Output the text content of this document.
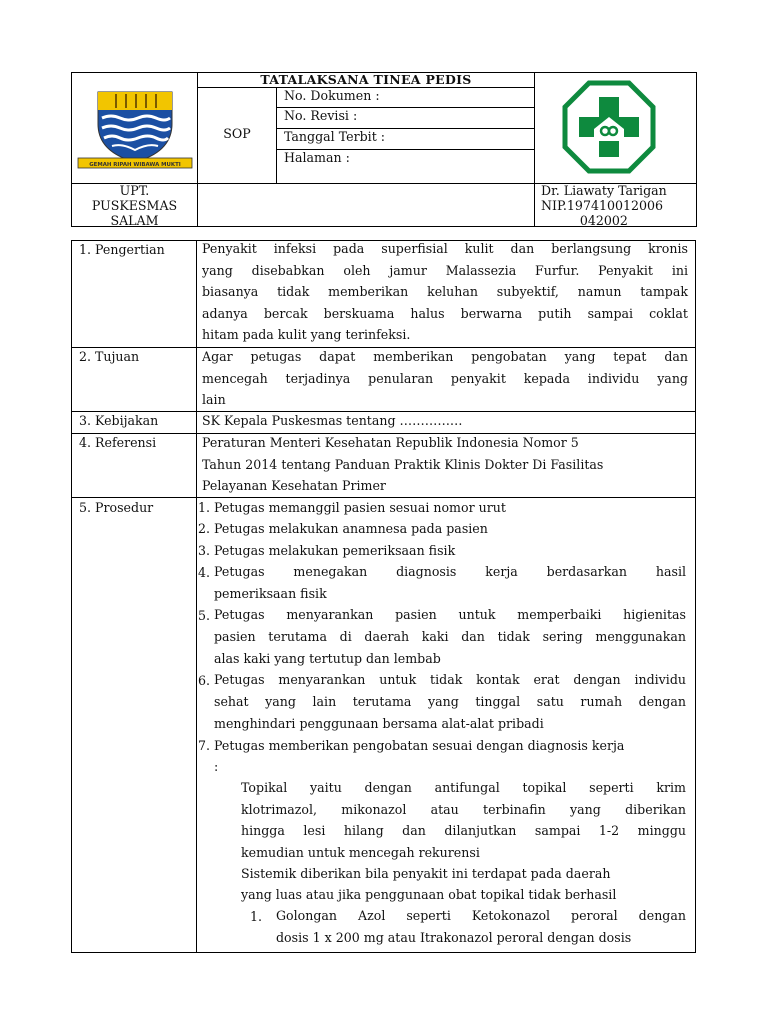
TATALAKSANA TINEA PEDIS
SOP
No. Dokumen :
No. Revisi :
Tanggal Terbit :
Halaman :
UPT.
PUSKESMAS
SALAM
Dr. Liawaty Tarigan
NIP.197410012006
042002
GEMAH RIPAH WIBAWA MUKTI
1. Pengertian
2. Tujuan
3. Kebijakan
4. Referensi
5. Prosedur
Penyakit infeksi pada superfisial kulit dan berlangsung kronis
yang disebabkan oleh jamur Malassezia Furfur. Penyakit ini
biasanya tidak memberikan keluhan subyektif, namun tampak
adanya bercak berskuama halus berwarna putih sampai coklat
hitam pada kulit yang terinfeksi.
Agar petugas dapat memberikan pengobatan yang tepat dan
mencegah terjadinya penularan penyakit kepada individu yang
lain
SK Kepala Puskesmas tentang ……………
Peraturan Menteri Kesehatan Republik Indonesia Nomor 5
Tahun 2014 tentang Panduan Praktik Klinis Dokter Di Fasilitas
Pelayanan Kesehatan Primer
1. Petugas memanggil pasien sesuai nomor urut
2. Petugas melakukan anamnesa pada pasien
3. Petugas melakukan pemeriksaan fisik
4. Petugas menegakan diagnosis kerja berdasarkan hasil
pemeriksaan fisik
5. Petugas menyarankan pasien untuk memperbaiki higienitas
pasien terutama di daerah kaki dan tidak sering menggunakan
alas kaki yang tertutup dan lembab
6. Petugas menyarankan untuk tidak kontak erat dengan individu
sehat yang lain terutama yang tinggal satu rumah dengan
menghindari penggunaan bersama alat-alat pribadi
7. Petugas memberikan pengobatan sesuai dengan diagnosis kerja
:
Topikal yaitu dengan antifungal topikal seperti krim
klotrimazol, mikonazol atau terbinafin yang diberikan
hingga lesi hilang dan dilanjutkan sampai 1-2 minggu
kemudian untuk mencegah rekurensi
Sistemik diberikan bila penyakit ini terdapat pada daerah
yang luas atau jika penggunaan obat topikal tidak berhasil
1. Golongan Azol seperti Ketokonazol peroral dengan
dosis 1 x 200 mg atau Itrakonazol peroral dengan dosis
